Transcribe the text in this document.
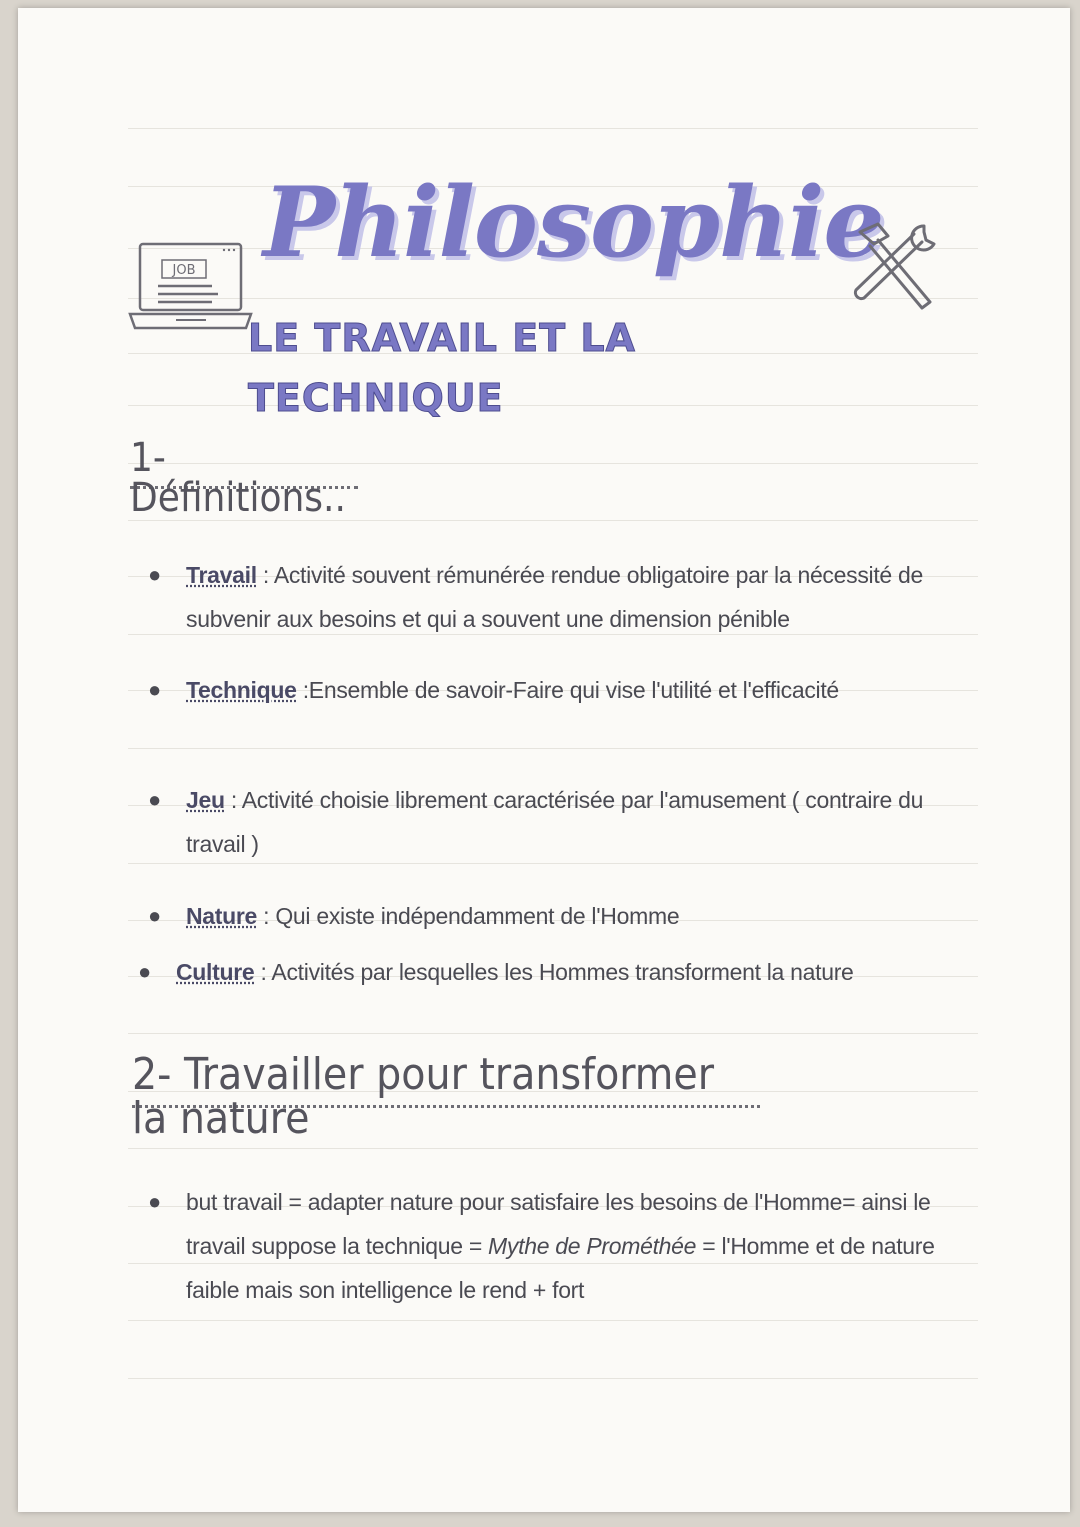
JOB Philosophie
LE TRAVAIL ET LA TECHNIQUE
1- Définitions..
●	Travail : Activité souvent rémunérée rendue obligatoire par la nécessité de subvenir aux besoins et qui a souvent une dimension pénible
●	Technique :Ensemble de savoir-Faire qui vise l'utilité et l'efficacité
●	Jeu : Activité choisie librement caractérisée par l'amusement ( contraire du travail )
●	Nature : Qui existe indépendamment de l'Homme
●	Culture : Activités par lesquelles les Hommes transforment la nature
2- Travailler pour transformer la nature
●	but travail = adapter nature pour satisfaire les besoins de l'Homme= ainsi le travail suppose la technique = Mythe de Prométhée = l'Homme et de nature faible mais son intelligence le rend + fort
